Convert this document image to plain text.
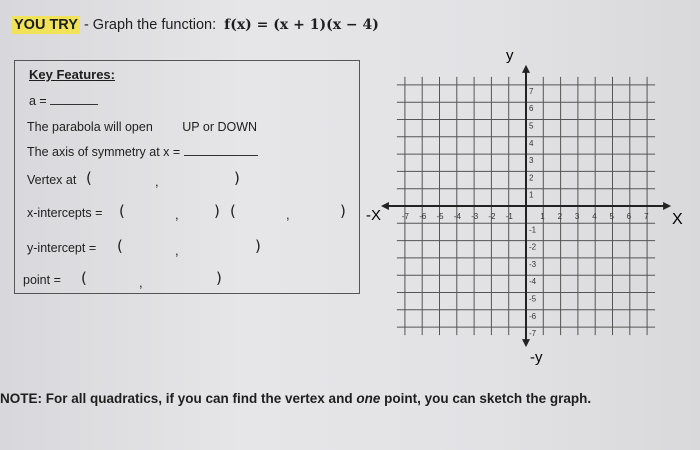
YOU TRY - Graph the function: f(x) = (x + 1)(x − 4)
Key Features:
a =
The parabola will open UP or DOWN
The axis of symmetry at x =
Vertex at (	,	)
x-intercepts = (	, ) (	,	)
y-intercept = (	,	)
point = (	,	)
-7 -6 -5 -4 -3 -2 -1	1 2 3 4 5 6 7
7
6
5
4
3
2
1
-1
-2
-3
-4
-5
-6
-7
y
-y
X
-X
NOTE: For all quadratics, if you can find the vertex and one point, you can sketch the graph.
